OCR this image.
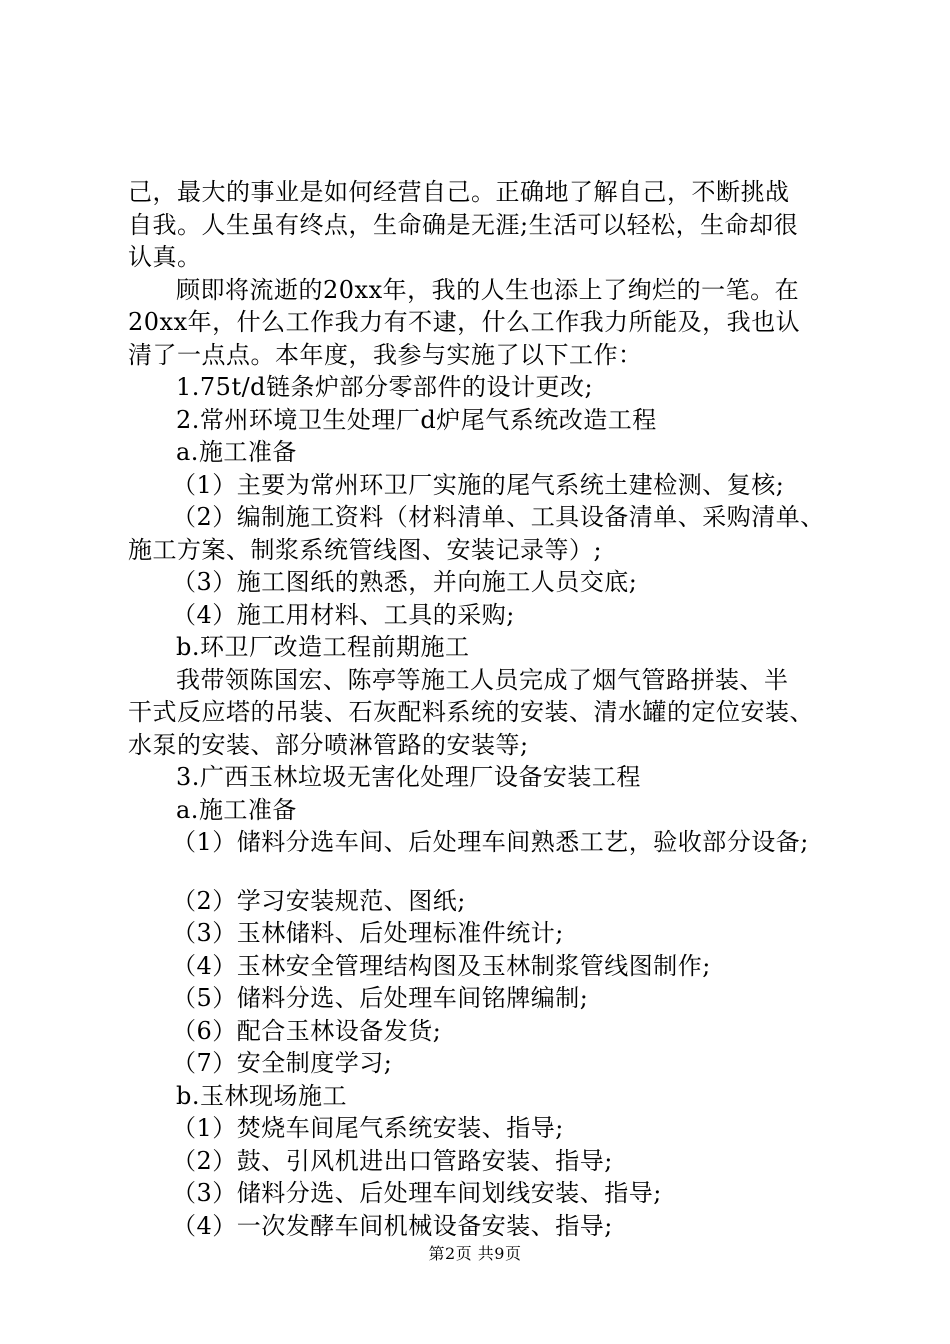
己，最大的事业是如何经营自己。正确地了解自己，不断挑战
自我。人生虽有终点，生命确是无涯;生活可以轻松，生命却很
认真。
顾即将流逝的20xx年，我的人生也添上了绚烂的一笔。在
20xx年，什么工作我力有不逮，什么工作我力所能及，我也认
清了一点点。本年度，我参与实施了以下工作：
1.75t/d链条炉部分零部件的设计更改;
2.常州环境卫生处理厂d炉尾气系统改造工程
a.施工准备
（1）主要为常州环卫厂实施的尾气系统土建检测、复核;
（2）编制施工资料（材料清单、工具设备清单、采购清单、
施工方案、制浆系统管线图、安装记录等）;
（3）施工图纸的熟悉，并向施工人员交底;
（4）施工用材料、工具的采购;
b.环卫厂改造工程前期施工
我带领陈国宏、陈亭等施工人员完成了烟气管路拼装、半
干式反应塔的吊装、石灰配料系统的安装、清水罐的定位安装、
水泵的安装、部分喷淋管路的安装等;
3.广西玉林垃圾无害化处理厂设备安装工程
a.施工准备
（1）储料分选车间、后处理车间熟悉工艺，验收部分设备;
（2）学习安装规范、图纸;
（3）玉林储料、后处理标准件统计;
（4）玉林安全管理结构图及玉林制浆管线图制作;
（5）储料分选、后处理车间铭牌编制;
（6）配合玉林设备发货;
（7）安全制度学习;
b.玉林现场施工
（1）焚烧车间尾气系统安装、指导;
（2）鼓、引风机进出口管路安装、指导;
（3）储料分选、后处理车间划线安装、指导;
（4）一次发酵车间机械设备安装、指导;
第2页 共9页
